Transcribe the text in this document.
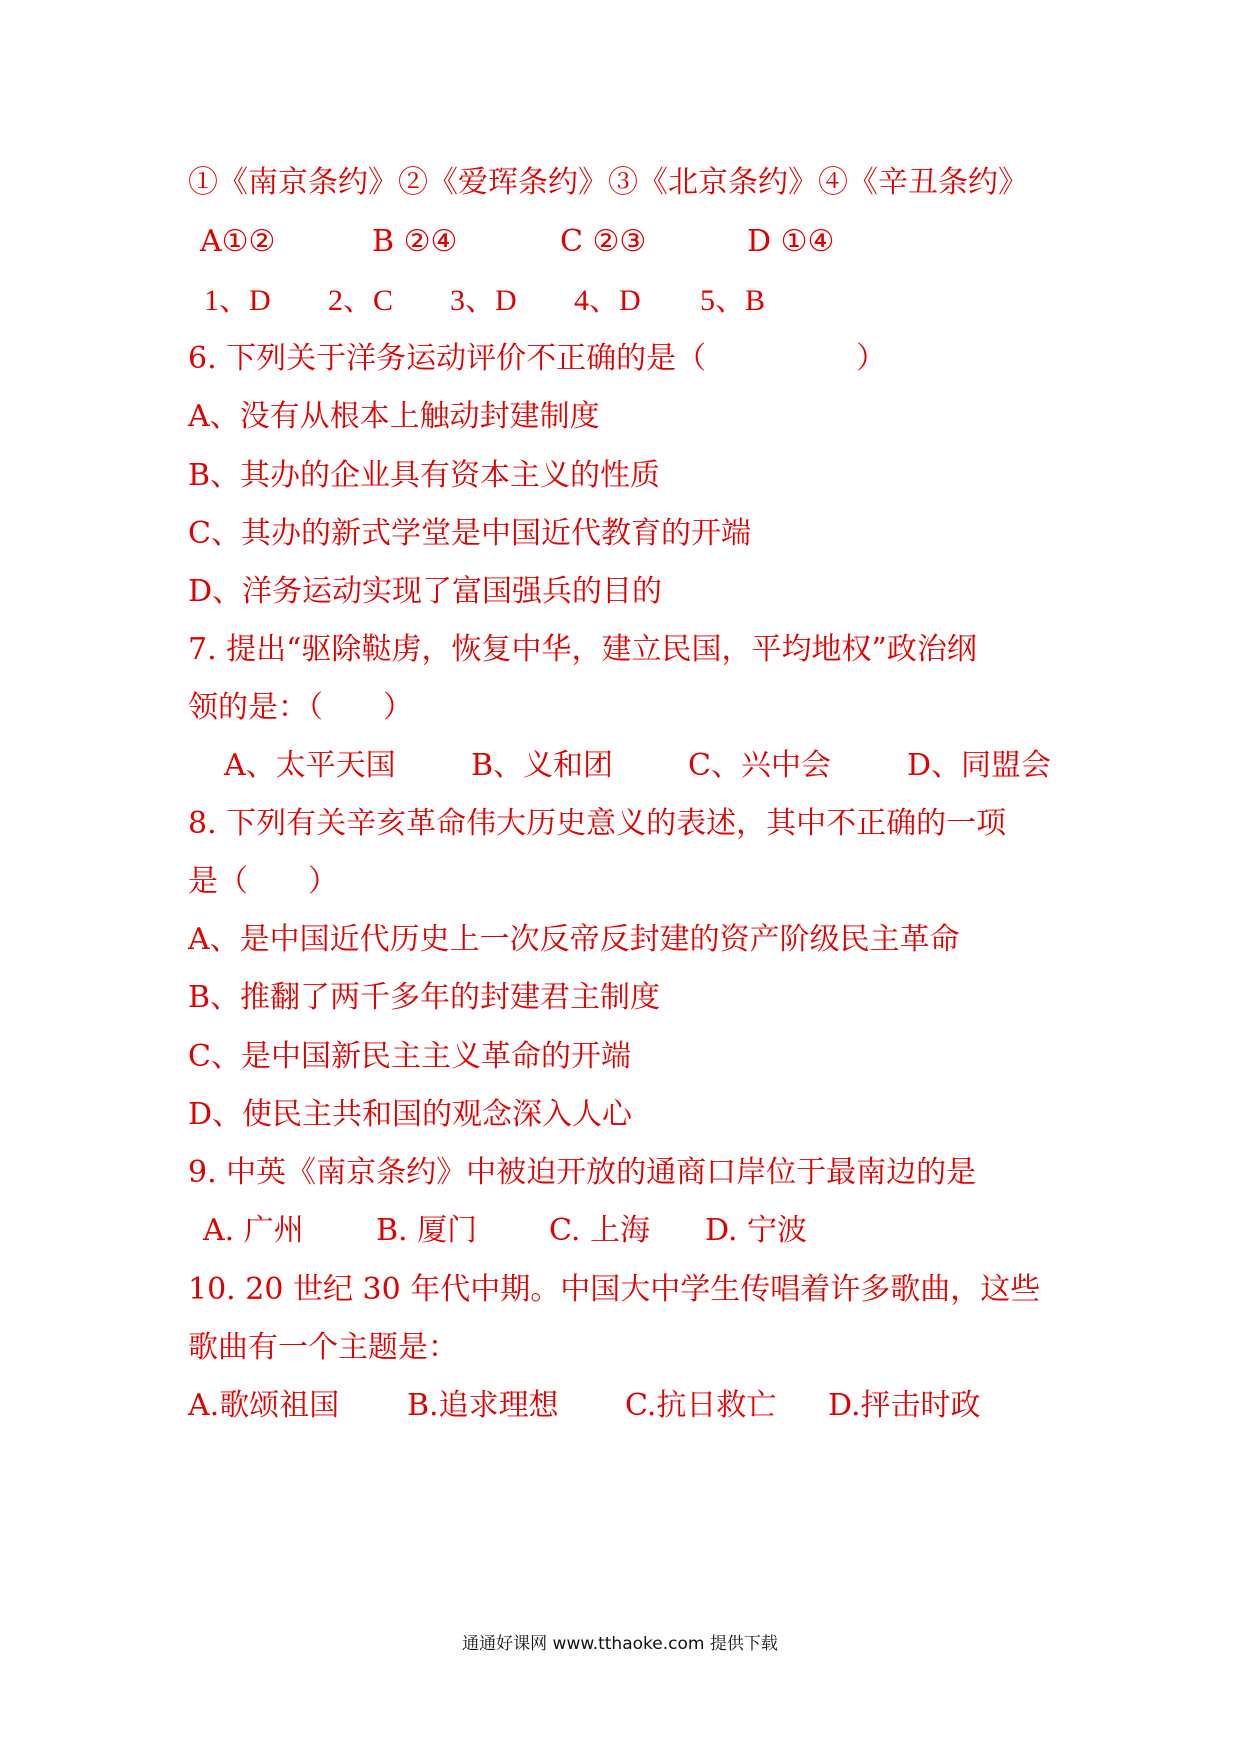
①《南京条约》②《爱珲条约》③《北京条约》④《辛丑条约》

A①②

	B ②④

	C ②③

	D ①④

1、D

2、C

3、D

4、D

5、B

6. 下列关于洋务运动评价不正确的是（　　　　　）
A、没有从根本上触动封建制度
B、其办的企业具有资本主义的性质
C、其办的新式学堂是中国近代教育的开端
D、洋务运动实现了富国强兵的目的
7. 提出“驱除鞑虏，恢复中华，建立民国，平均地权”政治纲
领的是：（　　）

A、太平天国

	B、义和团

C、兴中会

	D、同盟会

8. 下列有关辛亥革命伟大历史意义的表述，其中不正确的一项
是（　　）
A、是中国近代历史上一次反帝反封建的资产阶级民主革命
B、推翻了两千多年的封建君主制度
C、是中国新民主主义革命的开端
D、使民主共和国的观念深入人心
9. 中英《南京条约》中被迫开放的通商口岸位于最南边的是

A. 广州

B. 厦门

C. 上海

D. 宁波

10. 20 世纪 30 年代中期。中国大中学生传唱着许多歌曲，这些
歌曲有一个主题是：

A.歌颂祖国

B.追求理想

C.抗日救亡

D.抨击时政

通通好课网 www.tthaoke.com 提供下载
